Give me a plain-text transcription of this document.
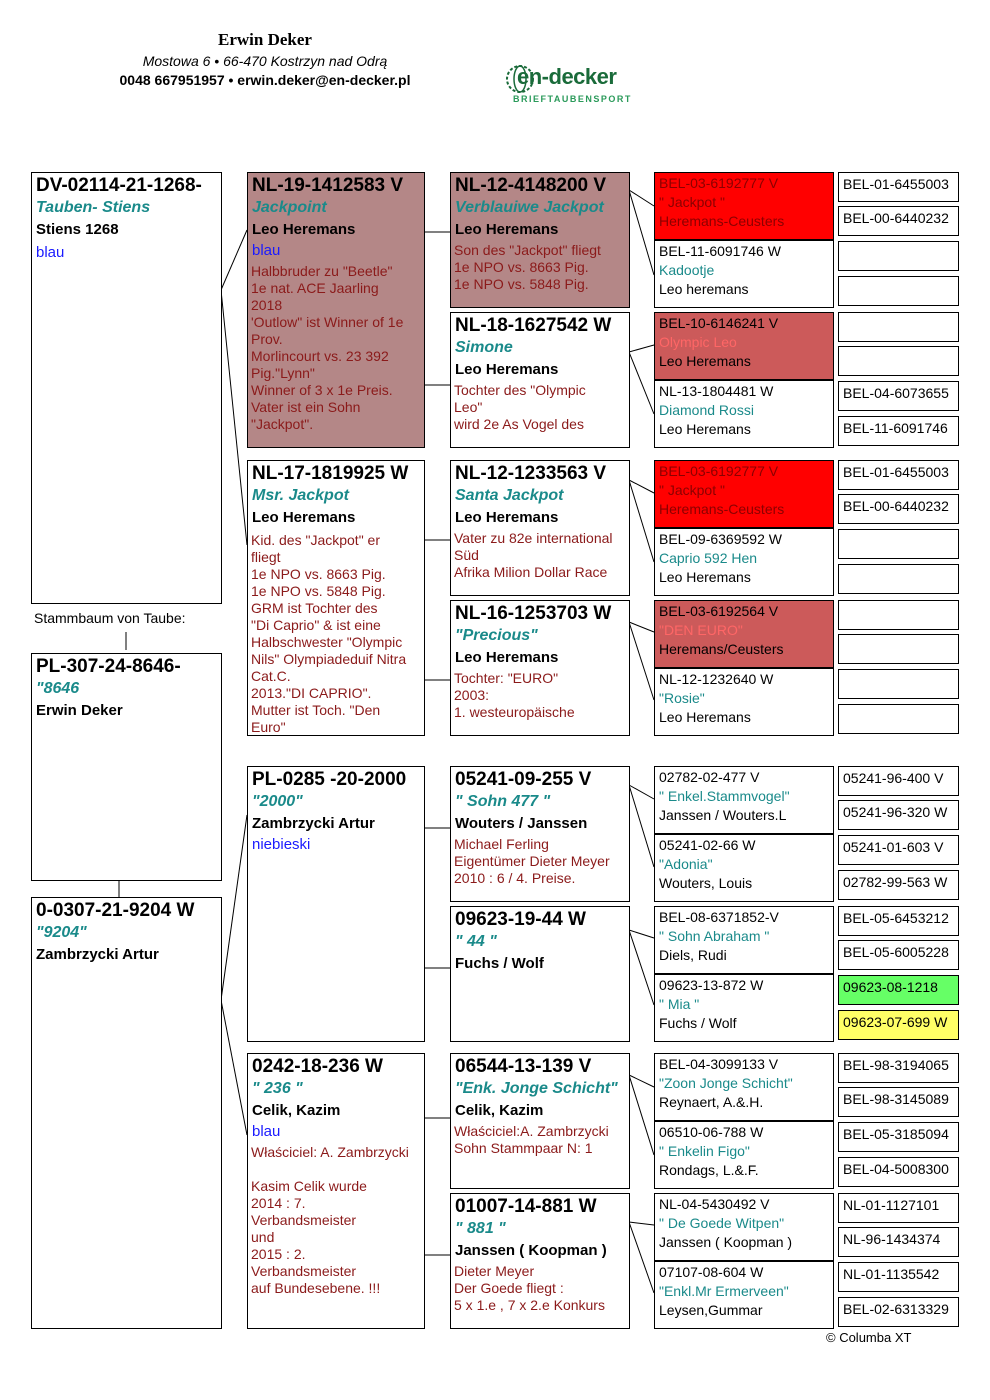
Erwin Deker
Mostowa 6 • 66-470 Kostrzyn nad Odrą
0048 667951957 • erwin.deker@en-decker.pl	en-decker
BRIEFTAUBENSPORT
DV-02114-21-1268-
Tauben- Stiens
Stiens 1268
blau
Stammbaum von Taube:
PL-307-24-8646-
"8646
Erwin Deker
0-0307-21-9204 W
"9204"
Zambrzycki Artur
NL-19-1412583 V
Jackpoint
Leo Heremans
blau
Halbbruder zu "Beetle"
1e nat. ACE Jaarling
2018
'Outlow" ist Winner of 1e
Prov.
Morlincourt vs. 23 392
Pig."Lynn"
Winner of 3 x 1e Preis.
Vater ist ein Sohn
"Jackpot".
NL-17-1819925 W
Msr. Jackpot
Leo Heremans
Kid. des "Jackpot" er
fliegt
1e NPO vs. 8663 Pig.
1e NPO vs. 5848 Pig.
GRM ist Tochter des
"Di Caprio" & ist eine
Halbschwester "Olympic
Nils" Olympiadeduif Nitra
Cat.C.
2013."DI CAPRIO".
Mutter ist Toch. "Den
Euro"
PL-0285 -20-2000
"2000"
Zambrzycki Artur
niebieski
0242-18-236 W
" 236 "
Celik, Kazim
blau
Właściciel: A. Zambrzycki

Kasim Celik wurde
2014 : 7.
Verbandsmeister
und
2015 : 2.
Verbandsmeister
auf Bundesebene. !!!
NL-12-4148200 V
Verblauiwe Jackpot
Leo Heremans
Son des "Jackpot" fliegt
1e NPO vs. 8663 Pig.
1e NPO vs. 5848 Pig.
NL-18-1627542 W
Simone
Leo Heremans
Tochter des "Olympic
Leo"
wird 2e As Vogel des
NL-12-1233563 V
Santa Jackpot
Leo Heremans
Vater zu 82e international
Süd
Afrika Milion Dollar Race
NL-16-1253703 W
"Precious"
Leo Heremans
Tochter: "EURO"
2003:
1. westeuropäische
05241-09-255 V
" Sohn 477 "
Wouters / Janssen
Michael Ferling
Eigentümer Dieter Meyer
2010 : 6 / 4. Preise.
09623-19-44 W
" 44 "
Fuchs / Wolf
06544-13-139 V
"Enk. Jonge Schicht"
Celik, Kazim
Właściciel:A. Zambrzycki
Sohn Stammpaar N: 1
01007-14-881 W
" 881 "
Janssen ( Koopman )
Dieter Meyer
Der Goede fliegt :
5 x 1.e , 7 x 2.e Konkurs
BEL-03-6192777 V
" Jackpot "
Heremans-Ceusters
BEL-11-6091746 W
Kadootje
Leo heremans
BEL-10-6146241 V
Olympic Leo
Leo Heremans
NL-13-1804481 W
Diamond Rossi
Leo Heremans
BEL-03-6192777 V
" Jackpot "
Heremans-Ceusters
BEL-09-6369592 W
Caprio 592 Hen
Leo Heremans
BEL-03-6192564 V
"DEN EURO"
Heremans/Ceusters
NL-12-1232640 W
"Rosie"
Leo Heremans
02782-02-477 V
" Enkel.Stammvogel"
Janssen / Wouters.L
05241-02-66 W
"Adonia"
Wouters, Louis
BEL-08-6371852-V
" Sohn Abraham "
Diels, Rudi
09623-13-872 W
" Mia "
Fuchs / Wolf
BEL-04-3099133 V
"Zoon Jonge Schicht"
Reynaert, A.&.H.
06510-06-788 W
" Enkelin Figo"
Rondags, L.&.F.
NL-04-5430492 V
" De Goede Witpen"
Janssen ( Koopman )
07107-08-604 W
"Enkl.Mr Ermerveen"
Leysen,Gummar
BEL-01-6455003
BEL-00-6440232
BEL-04-6073655
BEL-11-6091746
BEL-01-6455003
BEL-00-6440232
05241-96-400 V
05241-96-320 W
05241-01-603 V
02782-99-563 W
BEL-05-6453212
BEL-05-6005228
09623-08-1218
09623-07-699 W
BEL-98-3194065
BEL-98-3145089
BEL-05-3185094
BEL-04-5008300
NL-01-1127101
NL-96-1434374
NL-01-1135542
BEL-02-6313329
© Columba XT
